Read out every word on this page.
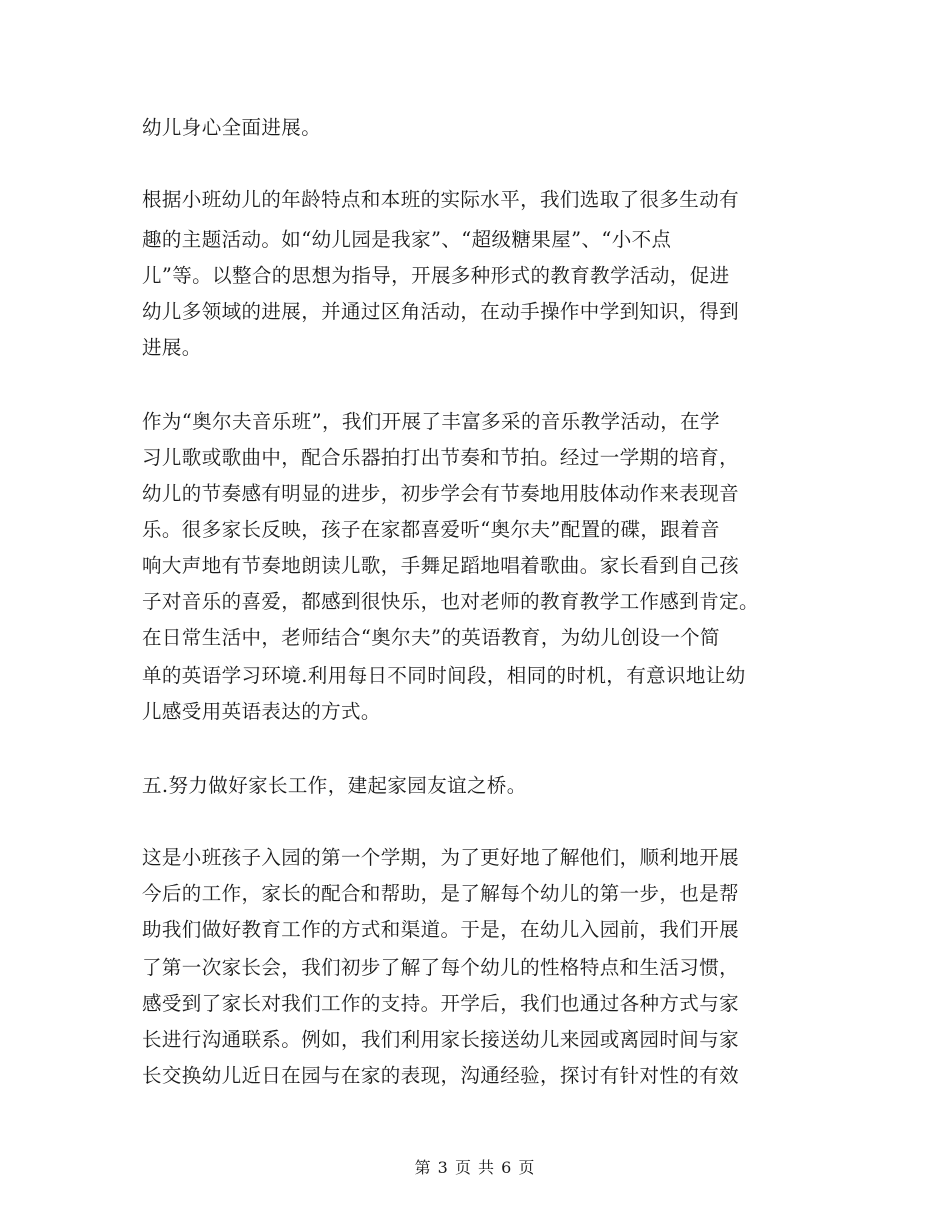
幼儿身心全面进展。
根据小班幼儿的年龄特点和本班的实际水平，我们选取了很多生动有
趣的主题活动。如“幼儿园是我家”、“超级糖果屋”、“小不点
儿”等。以整合的思想为指导，开展多种形式的教育教学活动，促进
幼儿多领域的进展，并通过区角活动，在动手操作中学到知识，得到
进展。
作为“奥尔夫音乐班”，我们开展了丰富多采的音乐教学活动，在学
习儿歌或歌曲中，配合乐器拍打出节奏和节拍。经过一学期的培育，
幼儿的节奏感有明显的进步，初步学会有节奏地用肢体动作来表现音
乐。很多家长反映，孩子在家都喜爱听“奥尔夫”配置的碟，跟着音
响大声地有节奏地朗读儿歌，手舞足蹈地唱着歌曲。家长看到自己孩
子对音乐的喜爱，都感到很快乐，也对老师的教育教学工作感到肯定。
在日常生活中，老师结合“奥尔夫”的英语教育，为幼儿创设一个简
单的英语学习环境.利用每日不同时间段，相同的时机，有意识地让幼
儿感受用英语表达的方式。
五.努力做好家长工作，建起家园友谊之桥。
这是小班孩子入园的第一个学期，为了更好地了解他们，顺利地开展
今后的工作，家长的配合和帮助，是了解每个幼儿的第一步，也是帮
助我们做好教育工作的方式和渠道。于是，在幼儿入园前，我们开展
了第一次家长会，我们初步了解了每个幼儿的性格特点和生活习惯，
感受到了家长对我们工作的支持。开学后，我们也通过各种方式与家
长进行沟通联系。例如，我们利用家长接送幼儿来园或离园时间与家
长交换幼儿近日在园与在家的表现，沟通经验，探讨有针对性的有效
第 3 页 共 6 页
